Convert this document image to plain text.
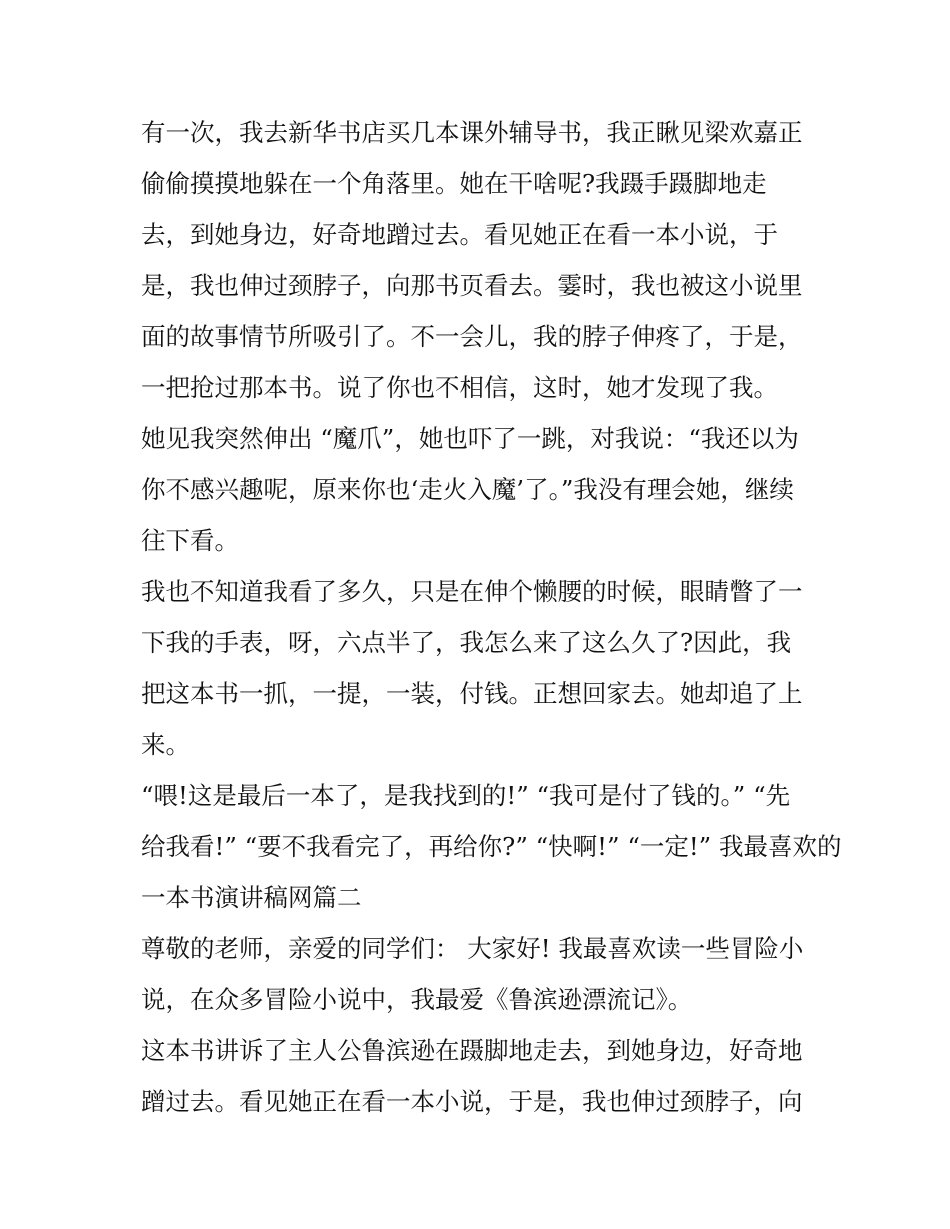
有一次，我去新华书店买几本课外辅导书，我正瞅见梁欢嘉正
偷偷摸摸地躲在一个角落里。她在干啥呢?我蹑手蹑脚地走
去，到她身边，好奇地蹭过去。看见她正在看一本小说，于
是，我也伸过颈脖子，向那书页看去。霎时，我也被这小说里
面的故事情节所吸引了。不一会儿，我的脖子伸疼了，于是，
一把抢过那本书。说了你也不相信，这时，她才发现了我。
她见我突然伸出 “魔爪”，她也吓了一跳，对我说：“我还以为
你不感兴趣呢，原来你也‘走火入魔’了。”我没有理会她，继续
往下看。
我也不知道我看了多久，只是在伸个懒腰的时候，眼睛瞥了一
下我的手表，呀，六点半了，我怎么来了这么久了?因此，我
把这本书一抓，一提，一装，付钱。正想回家去。她却追了上
来。
“喂!这是最后一本了，是我找到的!” “我可是付了钱的。” “先
给我看!” “要不我看完了，再给你?” “快啊!” “一定!” 我最喜欢的
一本书演讲稿网篇二
尊敬的老师，亲爱的同学们： 大家好! 我最喜欢读一些冒险小
说，在众多冒险小说中，我最爱《鲁滨逊漂流记》。
这本书讲诉了主人公鲁滨逊在蹑脚地走去，到她身边，好奇地
蹭过去。看见她正在看一本小说，于是，我也伸过颈脖子，向
